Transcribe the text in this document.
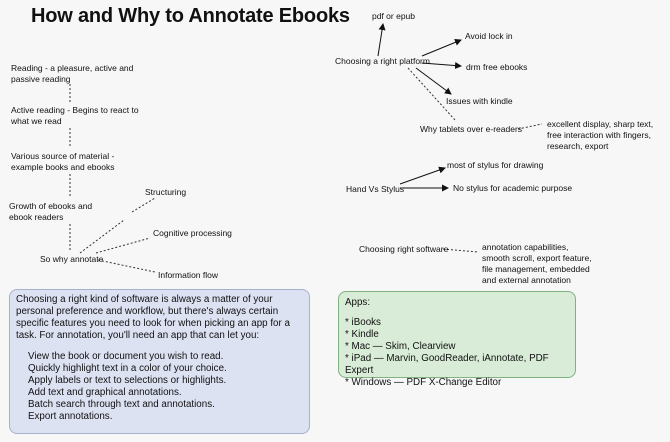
How and Why to Annotate Ebooks
Reading - a pleasure, active and passive reading
Active reading - Begins to react to what we read
Various source of material - example books and ebooks
Growth of ebooks and ebook readers
So why annotate
Structuring
Cognitive processing
Information flow
Choosing a right platform
pdf or epub
Avoid lock in
drm free ebooks
Issues with kindle
Why tablets over e-readers	excellent display, sharp text, free interaction with fingers, research, export
Hand Vs Stylus
most of stylus for drawing
No stylus for academic purpose
Choosing right software	annotation capabilities, smooth scroll, export feature, file management, embedded and external annotation
Choosing a right kind of software is always a matter of your personal preference and workflow, but there's always certain specific features you need to look for when picking an app for a task. For annotation, you'll need an app that can let you:
View the book or document you wish to read.
Quickly highlight text in a color of your choice.
Apply labels or text to selections or highlights.
Add text and graphical annotations.
Batch search through text and annotations.
Export annotations.
Apps:
* iBooks
* Kindle
* Mac — Skim, Clearview
* iPad — Marvin, GoodReader, iAnnotate, PDF Expert
* Windows — PDF X-Change Editor
